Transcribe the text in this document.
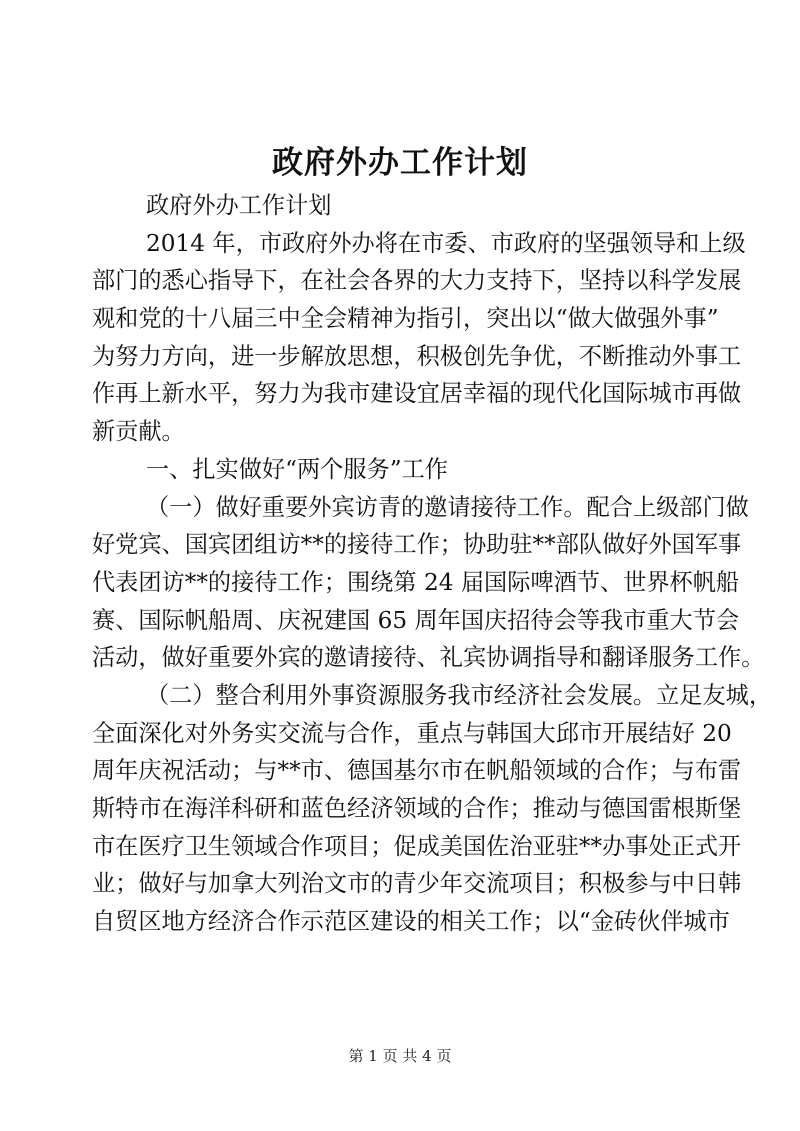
政府外办工作计划
政府外办工作计划
2014 年，市政府外办将在市委、市政府的坚强领导和上级
部门的悉心指导下，在社会各界的大力支持下，坚持以科学发展
观和党的十八届三中全会精神为指引，突出以“做大做强外事”
为努力方向，进一步解放思想，积极创先争优，不断推动外事工
作再上新水平，努力为我市建设宜居幸福的现代化国际城市再做
新贡献。
一、扎实做好“两个服务”工作
（一）做好重要外宾访青的邀请接待工作。配合上级部门做
好党宾、国宾团组访**的接待工作；协助驻**部队做好外国军事
代表团访**的接待工作；围绕第 24 届国际啤酒节、世界杯帆船
赛、国际帆船周、庆祝建国 65 周年国庆招待会等我市重大节会
活动，做好重要外宾的邀请接待、礼宾协调指导和翻译服务工作。
（二）整合利用外事资源服务我市经济社会发展。立足友城，
全面深化对外务实交流与合作，重点与韩国大邱市开展结好 20
周年庆祝活动；与**市、德国基尔市在帆船领域的合作；与布雷
斯特市在海洋科研和蓝色经济领域的合作；推动与德国雷根斯堡
市在医疗卫生领域合作项目；促成美国佐治亚驻**办事处正式开
业；做好与加拿大列治文市的青少年交流项目；积极参与中日韩
自贸区地方经济合作示范区建设的相关工作；以“金砖伙伴城市
第 1 页 共 4 页
